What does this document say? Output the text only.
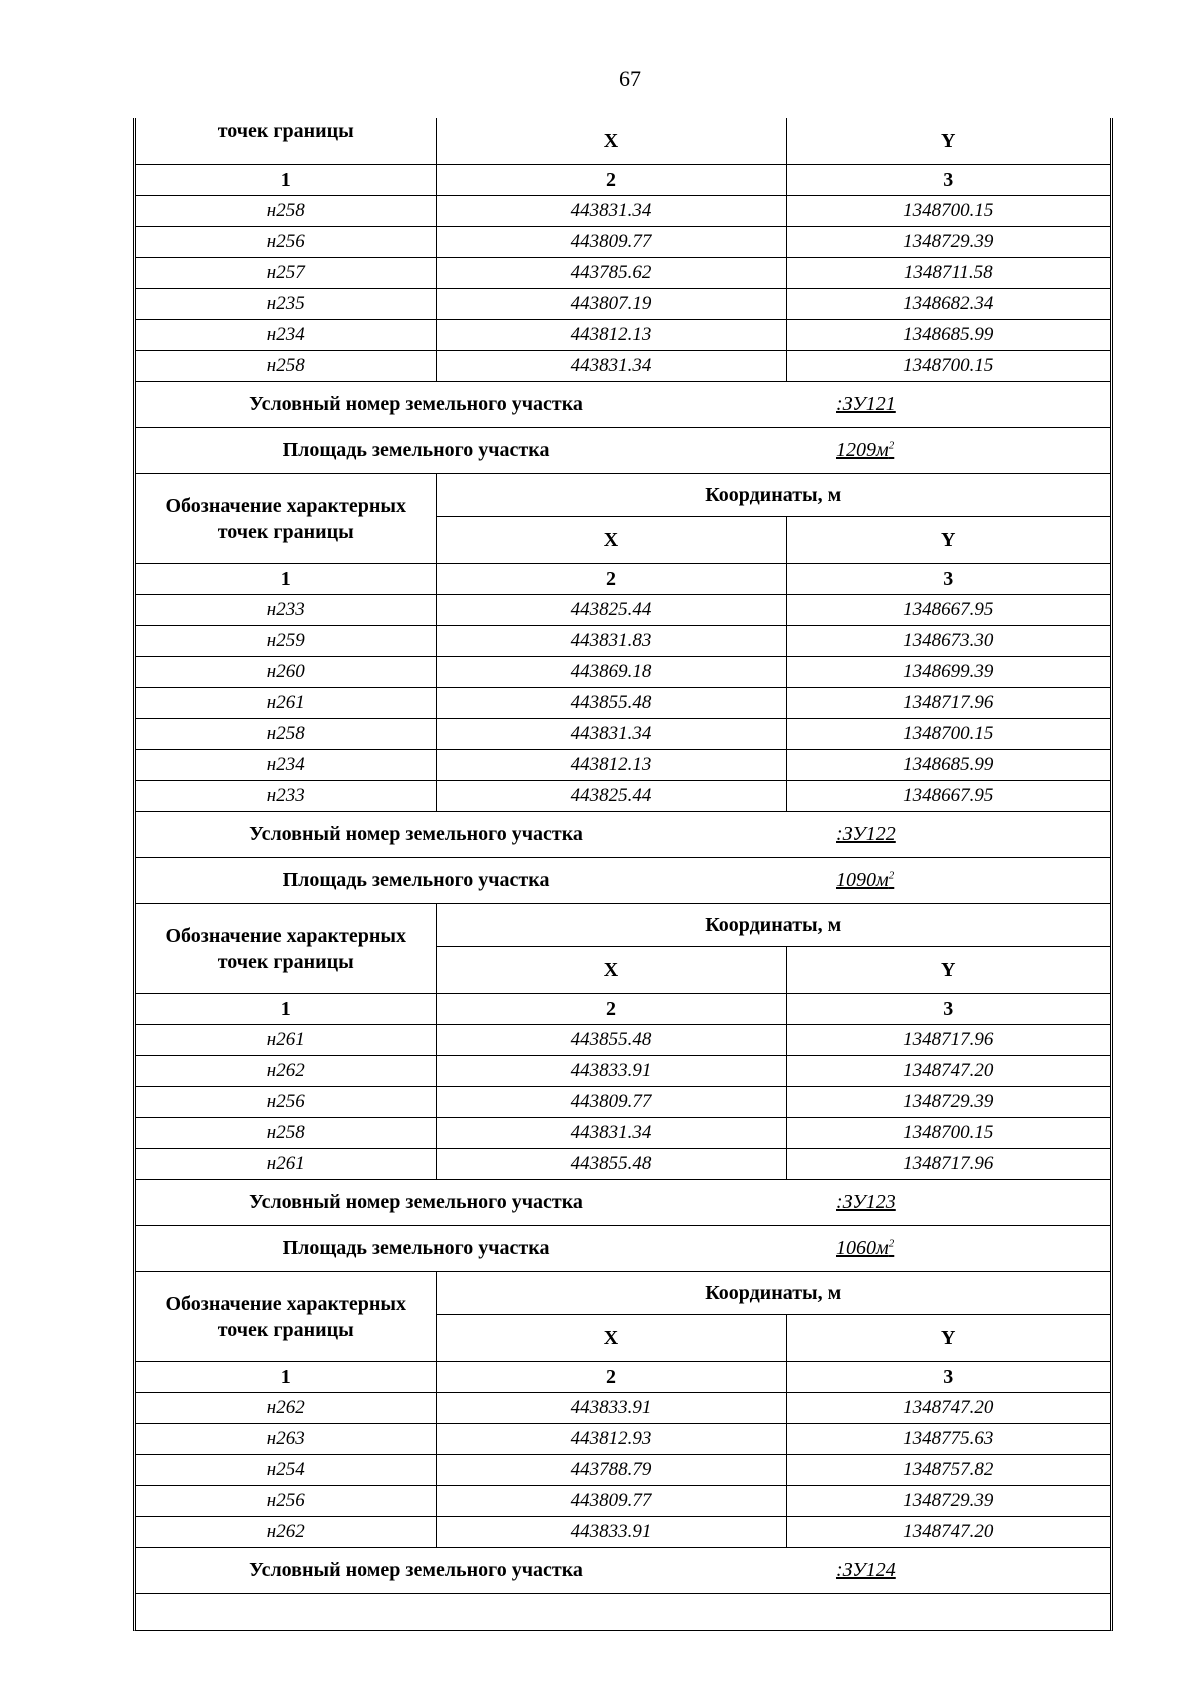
67
точек границы	X	Y
1	2	3
н258	443831.34	1348700.15
н256	443809.77	1348729.39
н257	443785.62	1348711.58
н235	443807.19	1348682.34
н234	443812.13	1348685.99
н258	443831.34	1348700.15

Условный номер земельного участка :ЗУ121		

Площадь земельного участка $1209м^2$

Обозначение характерных точек границы	Координаты, м	
	X	Y
1	2	3
н233	443825.44	1348667.95
н259	443831.83	1348673.30
н260	443869.18	1348699.39
н261	443855.48	1348717.96
н258	443831.34	1348700.15
н234	443812.13	1348685.99
н233	443825.44	1348667.95

Условный номер земельного участка :ЗУ122		

Площадь земельного участка $1090м^2$

Обозначение характерных точек границы	Координаты, м	
	X	Y
1	2	3
н261	443855.48	1348717.96
н262	443833.91	1348747.20
н256	443809.77	1348729.39
н258	443831.34	1348700.15
н261	443855.48	1348717.96

Условный номер земельного участка :ЗУ123		

Площадь земельного участка $1060м^2$

Обозначение характерных точек границы	Координаты, м	
	X	Y
1	2	3
н262	443833.91	1348747.20
н263	443812.93	1348775.63
н254	443788.79	1348757.82
н256	443809.77	1348729.39
н262	443833.91	1348747.20

Условный номер земельного участка :ЗУ124		
